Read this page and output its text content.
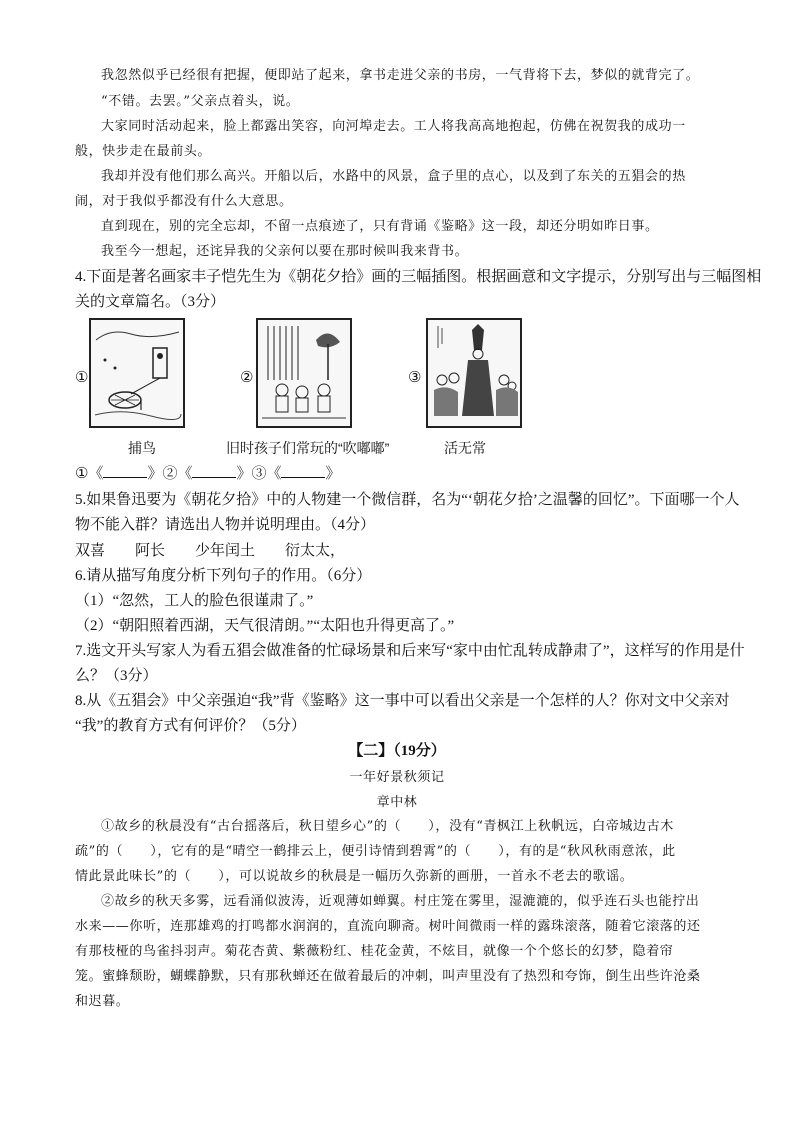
我忽然似乎已经很有把握，便即站了起来，拿书走进父亲的书房，一气背将下去，梦似的就背完了。
“不错。去罢。”父亲点着头，说。
大家同时活动起来，脸上都露出笑容，向河埠走去。工人将我高高地抱起，仿佛在祝贺我的成功一
般，快步走在最前头。
我却并没有他们那么高兴。开船以后，水路中的风景，盒子里的点心，以及到了东关的五猖会的热
闹，对于我似乎都没有什么大意思。
直到现在，别的完全忘却，不留一点痕迹了，只有背诵《鉴略》这一段，却还分明如昨日事。
我至今一想起，还诧异我的父亲何以要在那时候叫我来背书。
4.下面是著名画家丰子恺先生为《朝花夕拾》画的三幅插图。根据画意和文字提示，分别写出与三幅图相
关的文章篇名。（3分）
①	②	③
捕鸟	旧时孩子们常玩的“吹嘟嘟”	活无常
①《	》②《	》③《	》
5.如果鲁迅要为《朝花夕拾》中的人物建一个微信群，名为“‘朝花夕拾’之温馨的回忆”。下面哪一个人
物不能入群？请选出人物并说明理由。（4分）
双喜　　阿长　　少年闰土　　衍太太，
6.请从描写角度分析下列句子的作用。（6分）
（1）“忽然，工人的脸色很谨肃了。”
（2）“朝阳照着西湖，天气很清朗。”“太阳也升得更高了。”
7.选文开头写家人为看五猖会做准备的忙碌场景和后来写“家中由忙乱转成静肃了”，这样写的作用是什
么？（3分）
8.从《五猖会》中父亲强迫“我”背《鉴略》这一事中可以看出父亲是一个怎样的人？你对文中父亲对
“我”的教育方式有何评价？（5分）
【二】（19分）
一年好景秋须记
章中林
①故乡的秋晨没有“古台摇落后，秋日望乡心”的（　　），没有“青枫江上秋帆远，白帝城边古木
疏”的（　　），它有的是“晴空一鹤排云上，便引诗情到碧霄”的（　　），有的是“秋风秋雨意浓，此
情此景此味长”的（　　），可以说故乡的秋晨是一幅历久弥新的画册，一首永不老去的歌谣。
②故乡的秋天多雾，远看涌似波涛，近观薄如蝉翼。村庄笼在雾里，湿漉漉的，似乎连石头也能拧出
水来——你听，连那雄鸡的打鸣都水润润的，直流向聊斋。树叶间微雨一样的露珠滚落，随着它滚落的还
有那枝桠的鸟雀抖羽声。菊花杏黄、紫薇粉红、桂花金黄，不炫目，就像一个个悠长的幻梦，隐着帘
笼。蜜蜂颓盼，蝴蝶静默，只有那秋蝉还在做着最后的冲刺，叫声里没有了热烈和夸饰，倒生出些许沧桑
和迟暮。
